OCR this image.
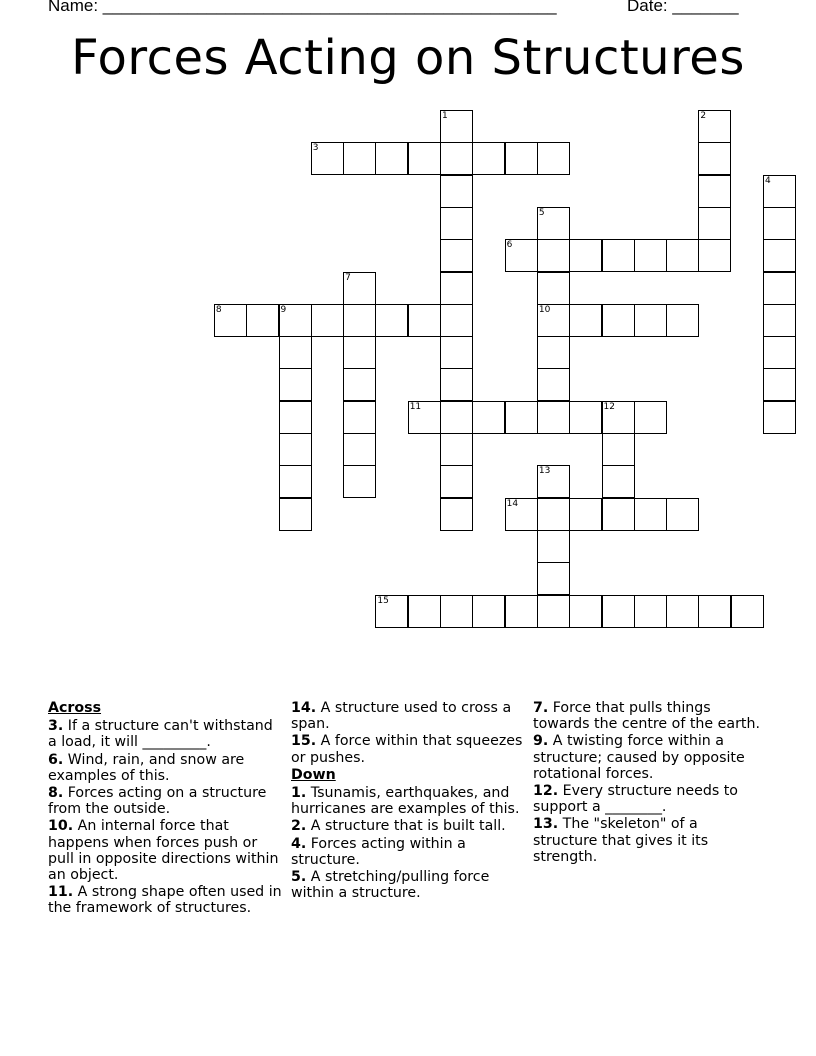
Name: ________________________________________________	Date: _______
Forces Acting on Structures
1	2
3
4
5
10
6
7
8	9
11	12
13
14
15
Across
3. If a structure can't withstand a load, it will _________.
6. Wind, rain, and snow are examples of this.
8. Forces acting on a structure from the outside.
10. An internal force that happens when forces push or pull in opposite directions within an object.
11. A strong shape often used in the framework of structures.
14. A structure used to cross a span.
15. A force within that squeezes or pushes.
Down
1. Tsunamis, earthquakes, and hurricanes are examples of this.
2. A structure that is built tall.
4. Forces acting within a structure.
5. A stretching/pulling force within a structure.
7. Force that pulls things towards the centre of the earth.
9. A twisting force within a structure; caused by opposite rotational forces.
12. Every structure needs to support a ________.
13. The "skeleton" of a structure that gives it its strength.
